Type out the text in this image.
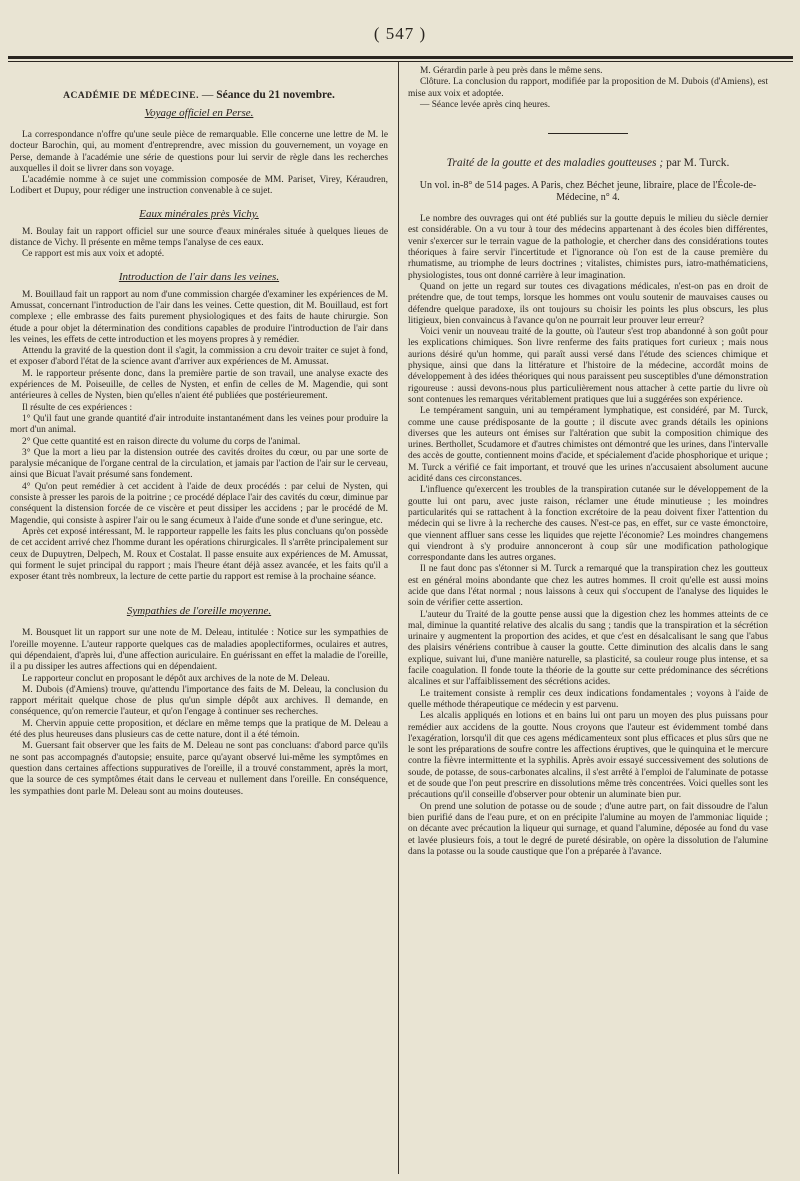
( 547 )

ACADÉMIE DE MÉDECINE. — Séance du 21 novembre.

Voyage officiel en Perse.

La correspondance n'offre qu'une seule pièce de remarquable. Elle concerne une lettre de M. le docteur Barochin, qui, au moment d'entreprendre, avec mission du gouvernement, un voyage en Perse, demande à l'académie une série de questions pour lui servir de règle dans les recherches auxquelles il doit se livrer dans son voyage.

L'académie nomme à ce sujet une commission composée de MM. Pariset, Virey, Kéraudren, Lodibert et Dupuy, pour rédiger une instruction convenable à ce sujet.

Eaux minérales près Vichy.

M. Boulay fait un rapport officiel sur une source d'eaux minérales située à quelques lieues de distance de Vichy. Il présente en même temps l'analyse de ces eaux.

Ce rapport est mis aux voix et adopté.

Introduction de l'air dans les veines.

M. Bouillaud fait un rapport au nom d'une commission chargée d'examiner les expériences de M. Amussat, concernant l'introduction de l'air dans les veines. Cette question, dit M. Bouillaud, est fort complexe ; elle embrasse des faits purement physiologiques et des faits de haute chirurgie. Son étude a pour objet la détermination des conditions capables de produire l'introduction de l'air dans les veines, les effets de cette introduction et les moyens propres à y remédier.

Attendu la gravité de la question dont il s'agit, la commission a cru devoir traiter ce sujet à fond, et exposer d'abord l'état de la science avant d'arriver aux expériences de M. Amussat.

M. le rapporteur présente donc, dans la première partie de son travail, une analyse exacte des expériences de M. Poiseuille, de celles de Nysten, et enfin de celles de M. Magendie, qui sont antérieures à celles de Nysten, bien qu'elles n'aient été publiées que postérieurement.

Il résulte de ces expériences :

1° Qu'il faut une grande quantité d'air introduite instantanément dans les veines pour produire la mort d'un animal.

2° Que cette quantité est en raison directe du volume du corps de l'animal.

3° Que la mort a lieu par la distension outrée des cavités droites du cœur, ou par une sorte de paralysie mécanique de l'organe central de la circulation, et jamais par l'action de l'air sur le cerveau, ainsi que Bicuat l'avait présumé sans fondement.

4° Qu'on peut remédier à cet accident à l'aide de deux procédés : par celui de Nysten, qui consiste à presser les parois de la poitrine ; ce procédé déplace l'air des cavités du cœur, diminue par conséquent la distension forcée de ce viscère et peut dissiper les accidens ; par le procédé de M. Magendie, qui consiste à aspirer l'air ou le sang écumeux à l'aide d'une sonde et d'une seringue, etc.

Après cet exposé intéressant, M. le rapporteur rappelle les faits les plus concluans qu'on possède de cet accident arrivé chez l'homme durant les opérations chirurgicales. Il s'arrête principalement sur ceux de Dupuytren, Delpech, M. Roux et Costalat. Il passe ensuite aux expériences de M. Amussat, qui forment le sujet principal du rapport ; mais l'heure étant déjà assez avancée, et les faits qu'il a exposer étant très nombreux, la lecture de cette partie du rapport est remise à la prochaine séance.

Sympathies de l'oreille moyenne.

M. Bousquet lit un rapport sur une note de M. Deleau, intitulée : Notice sur les sympathies de l'oreille moyenne. L'auteur rapporte quelques cas de maladies apoplectiformes, oculaires et autres, qui dépendaient, d'après lui, d'une affection auriculaire. En guérissant en effet la maladie de l'oreille, il a pu dissiper les autres affections qui en dépendaient.

Le rapporteur conclut en proposant le dépôt aux archives de la note de M. Deleau.

M. Dubois (d'Amiens) trouve, qu'attendu l'importance des faits de M. Deleau, la conclusion du rapport méritait quelque chose de plus qu'un simple dépôt aux archives. Il demande, en conséquence, qu'on remercie l'auteur, et qu'on l'engage à continuer ses recherches.

M. Chervin appuie cette proposition, et déclare en même temps que la pratique de M. Deleau a été des plus heureuses dans plusieurs cas de cette nature, dont il a été témoin.

M. Guersant fait observer que les faits de M. Deleau ne sont pas concluans: d'abord parce qu'ils ne sont pas accompagnés d'autopsie; ensuite, parce qu'ayant observé lui-même les symptômes en question dans certaines affections suppuratives de l'oreille, il a trouvé constamment, après la mort, que la source de ces symptômes était dans le cerveau et nullement dans l'oreille. En conséquence, les sympathies dont parle M. Deleau sont au moins douteuses.

M. Gérardin parle à peu près dans le même sens.

Clôture. La conclusion du rapport, modifiée par la proposition de M. Dubois (d'Amiens), est mise aux voix et adoptée.

— Séance levée après cinq heures.

Traité de la goutte et des maladies goutteuses ; par M. Turck.

Un vol. in-8° de 514 pages. A Paris, chez Béchet jeune, libraire, place de l'École-de-Médecine, n° 4.

Le nombre des ouvrages qui ont été publiés sur la goutte depuis le milieu du siècle dernier est considérable. On a vu tour à tour des médecins appartenant à des écoles bien différentes, venir s'exercer sur le terrain vague de la pathologie, et chercher dans des considérations toutes théoriques à faire servir l'incertitude et l'ignorance où l'on est de la cause première du rhumatisme, au triomphe de leurs doctrines ; vitalistes, chimistes purs, iatro-mathématiciens, physiologistes, tous ont donné carrière à leur imagination.

Quand on jette un regard sur toutes ces divagations médicales, n'est-on pas en droit de prétendre que, de tout temps, lorsque les hommes ont voulu soutenir de mauvaises causes ou défendre quelque paradoxe, ils ont toujours su choisir les points les plus obscurs, les plus litigieux, bien convaincus à l'avance qu'on ne pourrait leur prouver leur erreur?

Voici venir un nouveau traité de la goutte, où l'auteur s'est trop abandonné à son goût pour les explications chimiques. Son livre renferme des faits pratiques fort curieux ; mais nous aurions désiré qu'un homme, qui paraît aussi versé dans l'étude des sciences chimique et physique, ainsi que dans la littérature et l'histoire de la médecine, accordât moins de développement à des idées théoriques qui nous paraissent peu susceptibles d'une démonstration rigoureuse : aussi devons-nous plus particulièrement nous attacher à cette partie du livre où sont contenues les remarques véritablement pratiques que lui a suggérées son expérience.

Le tempérament sanguin, uni au tempérament lymphatique, est considéré, par M. Turck, comme une cause prédisposante de la goutte ; il discute avec grands détails les opinions diverses que les auteurs ont émises sur l'altération que subit la composition chimique des urines. Berthollet, Scudamore et d'autres chimistes ont démontré que les urines, dans l'intervalle des accès de goutte, contiennent moins d'acide, et spécialement d'acide phosphorique et urique ; M. Turck a vérifié ce fait important, et trouvé que les urines n'accusaient absolument aucune acidité dans ces circonstances.

L'influence qu'exercent les troubles de la transpiration cutanée sur le développement de la goutte lui ont paru, avec juste raison, réclamer une étude minutieuse ; les moindres particularités qui se rattachent à la fonction excrétoire de la peau doivent fixer l'attention du médecin qui se livre à la recherche des causes. N'est-ce pas, en effet, sur ce vaste émonctoire, que viennent affluer sans cesse les liquides que rejette l'économie? Les moindres changemens qui viendront à s'y produire annonceront à coup sûr une modification pathologique correspondante dans les autres organes.

Il ne faut donc pas s'étonner si M. Turck a remarqué que la transpiration chez les goutteux est en général moins abondante que chez les autres hommes. Il croit qu'elle est aussi moins acide que dans l'état normal ; nous laissons à ceux qui s'occupent de l'analyse des liquides le soin de vérifier cette assertion.

L'auteur du Traité de la goutte pense aussi que la digestion chez les hommes atteints de ce mal, diminue la quantité relative des alcalis du sang ; tandis que la transpiration et la sécrétion urinaire y augmentent la proportion des acides, et que c'est en désalcalisant le sang que l'abus des plaisirs vénériens contribue à causer la goutte. Cette diminution des alcalis dans le sang explique, suivant lui, d'une manière naturelle, sa plasticité, sa couleur rouge plus intense, et sa facile coagulation. Il fonde toute la théorie de la goutte sur cette prédominance des sécrétions alcalines et sur l'affaiblissement des sécrétions acides.

Le traitement consiste à remplir ces deux indications fondamentales ; voyons à l'aide de quelle méthode thérapeutique ce médecin y est parvenu.

Les alcalis appliqués en lotions et en bains lui ont paru un moyen des plus puissans pour remédier aux accidens de la goutte. Nous croyons que l'auteur est évidemment tombé dans l'exagération, lorsqu'il dit que ces agens médicamenteux sont plus efficaces et plus sûrs que ne le sont les préparations de soufre contre les affections éruptives, que le quinquina et le mercure contre la fièvre intermittente et la syphilis. Après avoir essayé successivement des solutions de soude, de potasse, de sous-carbonates alcalins, il s'est arrêté à l'emploi de l'aluminate de potasse et de soude que l'on peut prescrire en dissolutions même très concentrées. Voici quelles sont les précautions qu'il conseille d'observer pour obtenir un aluminate bien pur.

On prend une solution de potasse ou de soude ; d'une autre part, on fait dissoudre de l'alun bien purifié dans de l'eau pure, et on en précipite l'alumine au moyen de l'ammoniac liquide ; on décante avec précaution la liqueur qui surnage, et quand l'alumine, déposée au fond du vase et lavée plusieurs fois, a tout le degré de pureté désirable, on opère la dissolution de l'alumine dans la potasse ou la soude caustique que l'on a préparée à l'avance.
